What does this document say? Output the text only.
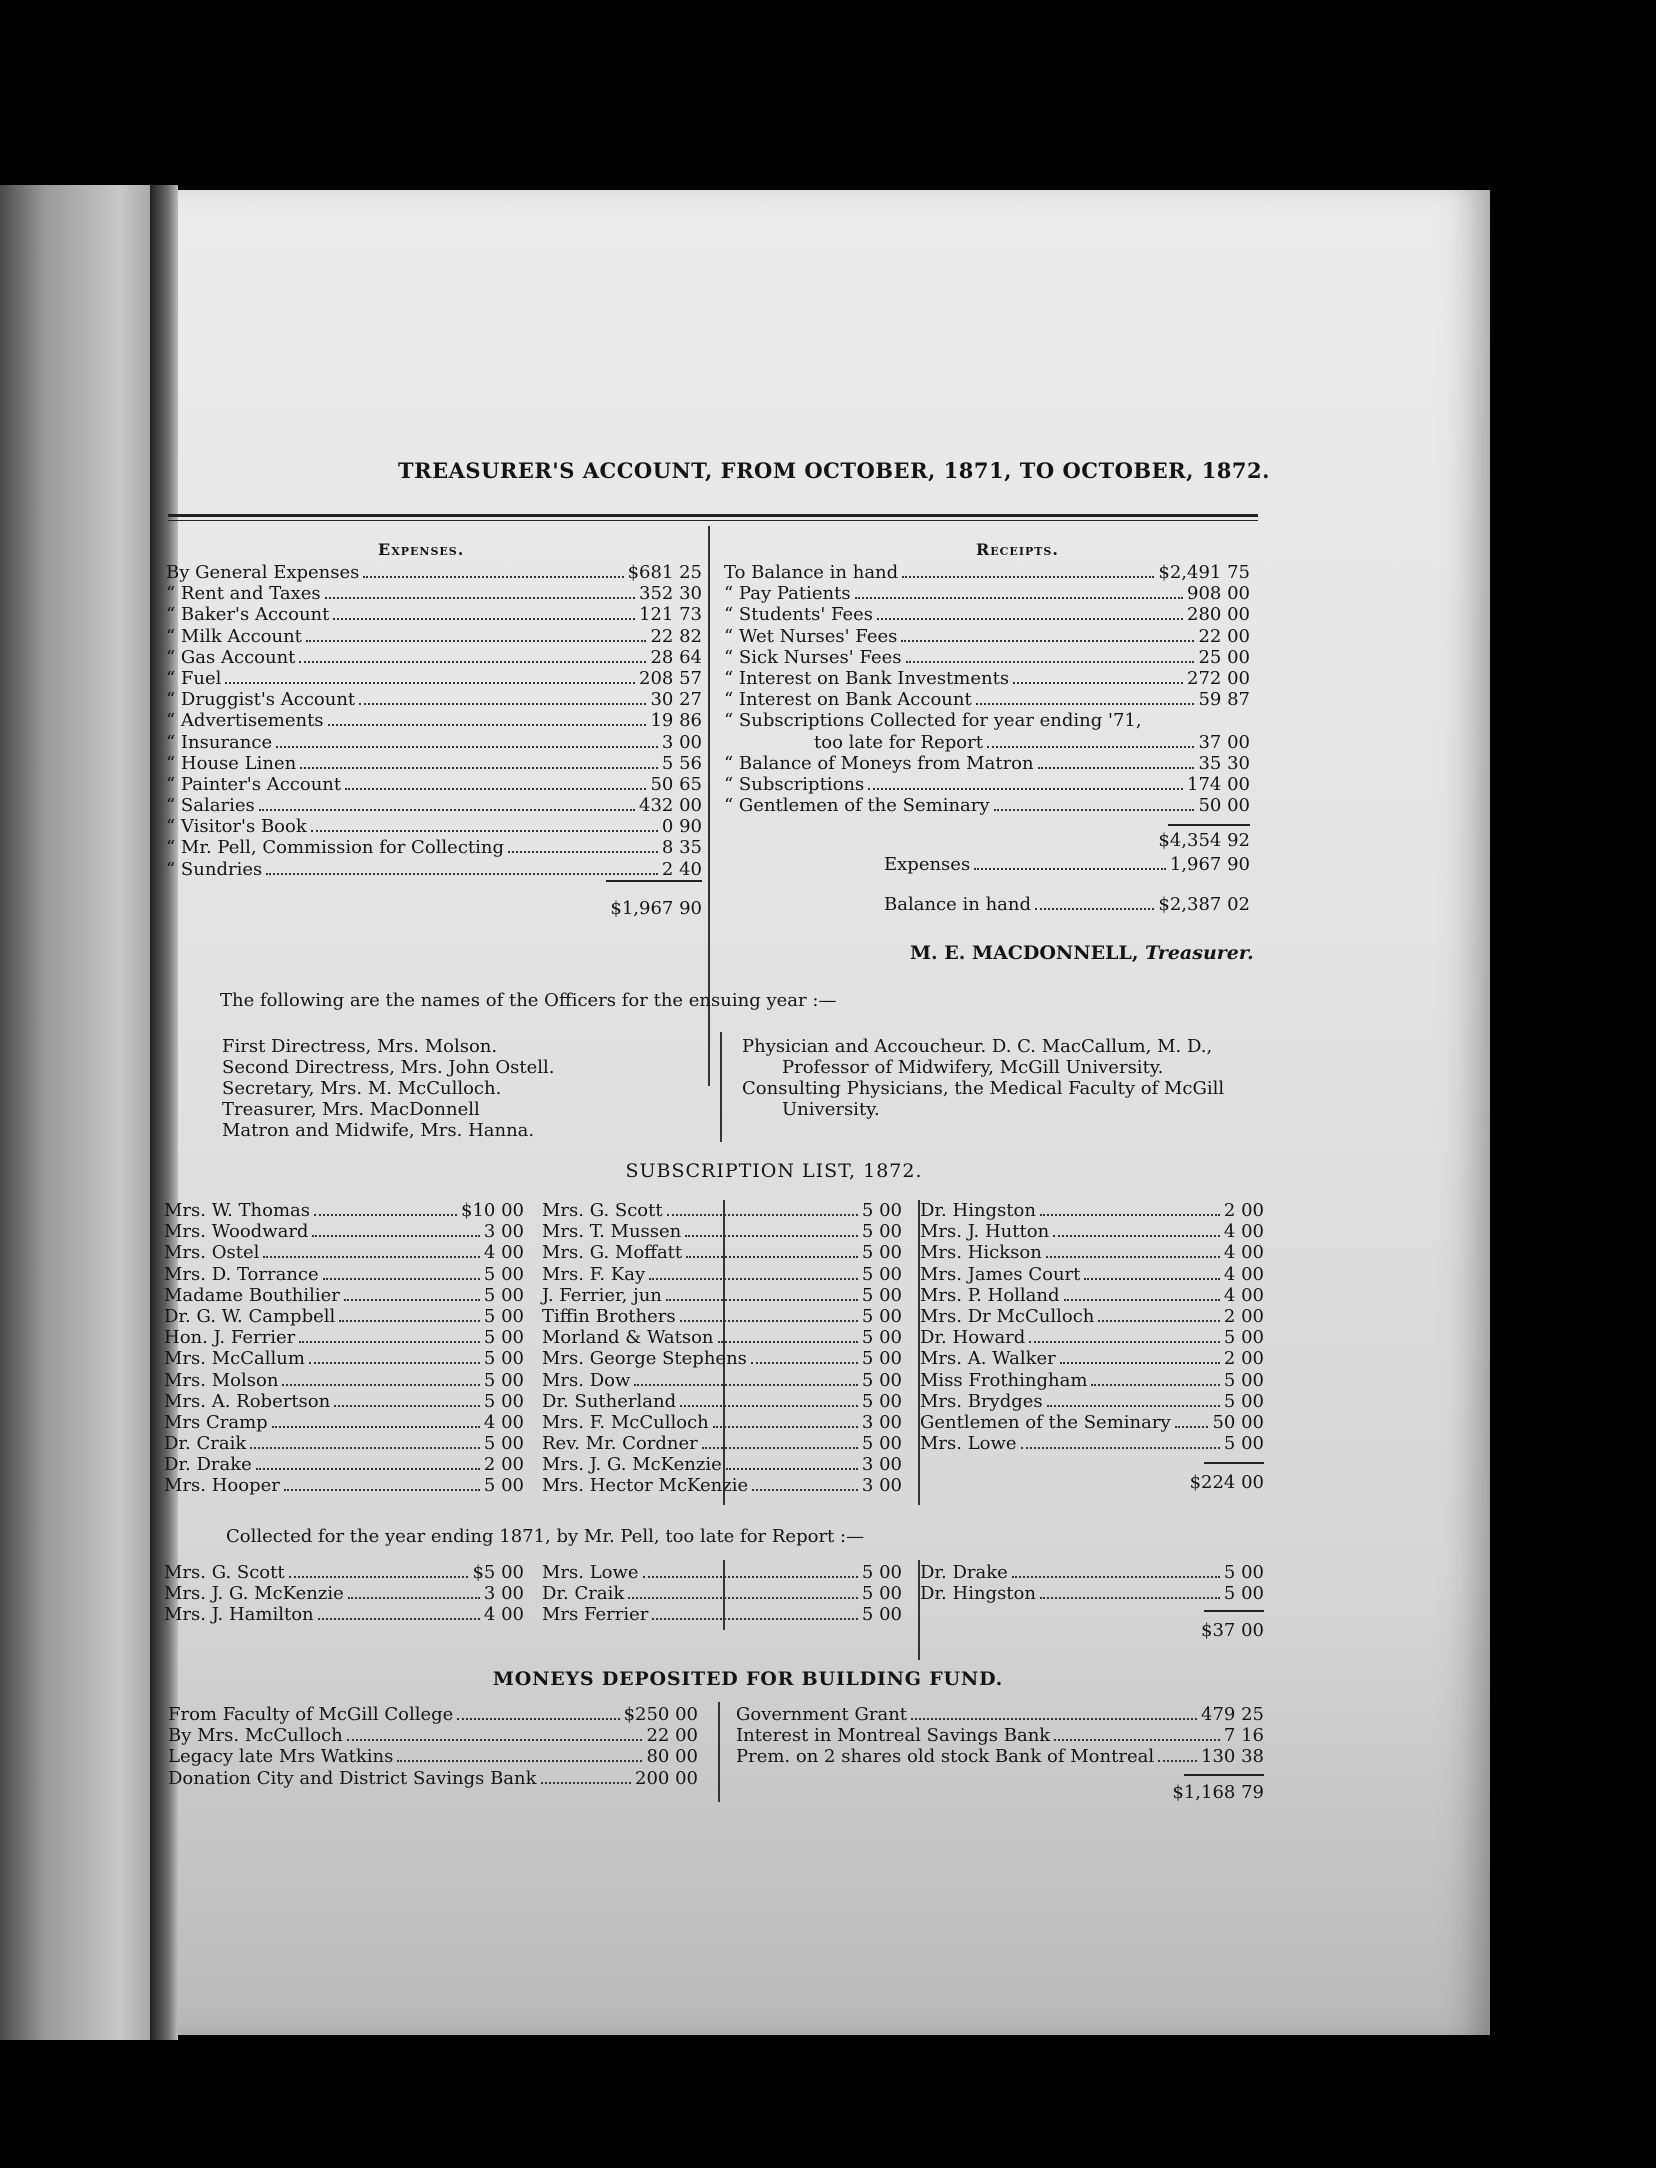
TREASURER'S ACCOUNT, FROM OCTOBER, 1871, TO OCTOBER, 1872.
Expenses.	Receipts.
By General Expenses	$681 25
“ Rent and Taxes	352 30
“ Baker's Account	121 73
“ Milk Account	22 82
“ Gas Account	28 64
“ Fuel	208 57
“ Druggist's Account	30 27
“ Advertisements	19 86
“ Insurance	3 00
“ House Linen	5 56
“ Painter's Account	50 65
“ Salaries	432 00
“ Visitor's Book	0 90
“ Mr. Pell, Commission for Collecting	8 35
“ Sundries	2 40
$1,967 90
To Balance in hand	$2,491 75
“ Pay Patients	908 00
“ Students' Fees	280 00
“ Wet Nurses' Fees	22 00
“ Sick Nurses' Fees	25 00
“ Interest on Bank Investments	272 00
“ Interest on Bank Account	59 87
“ Subscriptions Collected for year ending '71,
too late for Report	37 00
“ Balance of Moneys from Matron	35 30
“ Subscriptions	174 00
“ Gentlemen of the Seminary	50 00
$4,354 92
Expenses	1,967 90
Balance in hand	$2,387 02
M. E. MACDONNELL, Treasurer.
The following are the names of the Officers for the ensuing year :—
First Directress, Mrs. Molson.
Second Directress, Mrs. John Ostell.
Secretary, Mrs. M. McCulloch.
Treasurer, Mrs. MacDonnell
Matron and Midwife, Mrs. Hanna.
Physician and Accoucheur. D. C. MacCallum, M. D.,
Professor of Midwifery, McGill University.
Consulting Physicians, the Medical Faculty of McGill
University.
SUBSCRIPTION LIST, 1872.
Mrs. W. Thomas	$10 00
Mrs. Woodward	3 00
Mrs. Ostel	4 00
Mrs. D. Torrance	5 00
Madame Bouthilier	5 00
Dr. G. W. Campbell	5 00
Hon. J. Ferrier	5 00
Mrs. McCallum	5 00
Mrs. Molson	5 00
Mrs. A. Robertson	5 00
Mrs Cramp	4 00
Dr. Craik	5 00
Dr. Drake	2 00
Mrs. Hooper	5 00
Mrs. G. Scott	5 00
Mrs. T. Mussen	5 00
Mrs. G. Moffatt	5 00
Mrs. F. Kay	5 00
J. Ferrier, jun	5 00
Tiffin Brothers	5 00
Morland & Watson	5 00
Mrs. George Stephens	5 00
Mrs. Dow	5 00
Dr. Sutherland	5 00
Mrs. F. McCulloch	3 00
Rev. Mr. Cordner	5 00
Mrs. J. G. McKenzie	3 00
Mrs. Hector McKenzie	3 00
Dr. Hingston	2 00
Mrs. J. Hutton	4 00
Mrs. Hickson	4 00
Mrs. James Court	4 00
Mrs. P. Holland	4 00
Mrs. Dr McCulloch	2 00
Dr. Howard	5 00
Mrs. A. Walker	2 00
Miss Frothingham	5 00
Mrs. Brydges	5 00
Gentlemen of the Seminary 50 00
Mrs. Lowe	5 00
$224 00
Collected for the year ending 1871, by Mr. Pell, too late for Report :—
Mrs. G. Scott	$5 00
Mrs. J. G. McKenzie	3 00
Mrs. J. Hamilton	4 00
Mrs. Lowe	5 00
Dr. Craik	5 00
Mrs Ferrier	5 00
Dr. Drake	5 00
Dr. Hingston	5 00
$37 00
MONEYS DEPOSITED FOR BUILDING FUND.
From Faculty of McGill College	$250 00
By Mrs. McCulloch	22 00
Legacy late Mrs Watkins	80 00
Donation City and District Savings Bank	200 00
Government Grant	479 25
Interest in Montreal Savings Bank	7 16
Prem. on 2 shares old stock Bank of Montreal	130 38
$1,168 79
